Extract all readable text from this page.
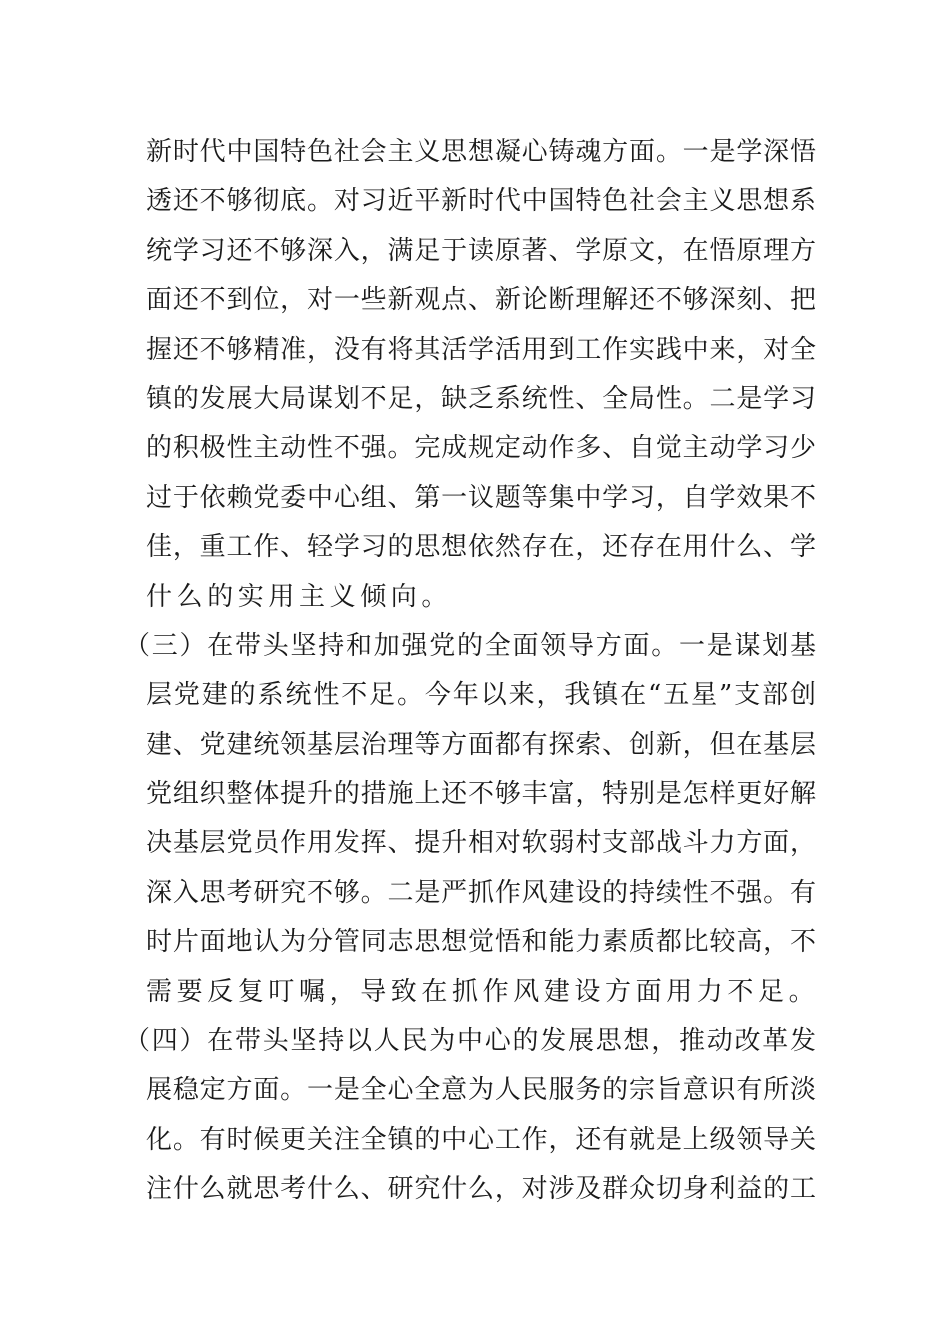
新时代中国特色社会主义思想凝心铸魂方面。一是学深悟
透还不够彻底。对习近平新时代中国特色社会主义思想系
统学习还不够深入，满足于读原著、学原文，在悟原理方
面还不到位，对一些新观点、新论断理解还不够深刻、把
握还不够精准，没有将其活学活用到工作实践中来，对全
镇的发展大局谋划不足，缺乏系统性、全局性。二是学习
的积极性主动性不强。完成规定动作多、自觉主动学习少
过于依赖党委中心组、第一议题等集中学习，自学效果不
佳，重工作、轻学习的思想依然存在，还存在用什么、学
什么的实用主义倾向。
（三）在带头坚持和加强党的全面领导方面。一是谋划基
层党建的系统性不足。今年以来，我镇在“五星”支部创
建、党建统领基层治理等方面都有探索、创新，但在基层
党组织整体提升的措施上还不够丰富，特别是怎样更好解
决基层党员作用发挥、提升相对软弱村支部战斗力方面，
深入思考研究不够。二是严抓作风建设的持续性不强。有
时片面地认为分管同志思想觉悟和能力素质都比较高，不
需要反复叮嘱，导致在抓作风建设方面用力不足。
（四）在带头坚持以人民为中心的发展思想，推动改革发
展稳定方面。一是全心全意为人民服务的宗旨意识有所淡
化。有时候更关注全镇的中心工作，还有就是上级领导关
注什么就思考什么、研究什么，对涉及群众切身利益的工
